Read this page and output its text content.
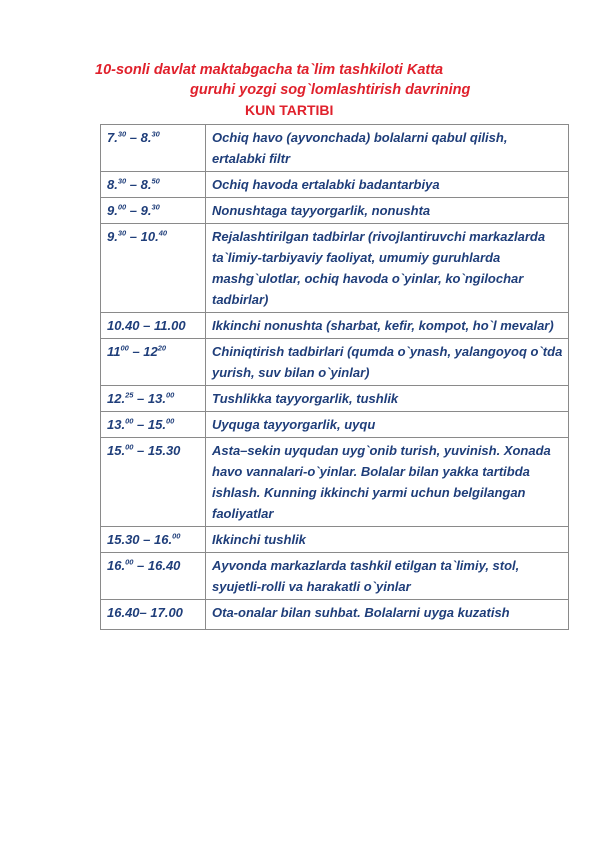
10-sonli davlat maktabgacha ta`lim tashkiloti Katta
guruhi yozgi sog`lomlashtirish davrining
KUN TARTIBI
7.30 – 8.30	Ochiq havo (ayvonchada) bolalarni qabul qilish, ertalabki filtr
8.30 – 8.50	Ochiq havoda ertalabki badantarbiya
9.00 – 9.30	Nonushtaga tayyorgarlik, nonushta
9.30 – 10.40	Rejalashtirilgan tadbirlar (rivojlantiruvchi markazlarda ta`limiy-tarbiyaviy faoliyat, umumiy guruhlarda mashg`ulotlar, ochiq havoda o`yinlar, ko`ngilochar tadbirlar)
10.40 – 11.00	Ikkinchi nonushta (sharbat, kefir, kompot, ho`l mevalar)
$11^{00} - 12^{20}$	Chiniqtirish tadbirlari (qumda o`ynash, yalangoyoq o`tda yurish, suv bilan o`yinlar)
12.25 – 13.00	Tushlikka tayyorgarlik, tushlik
13.00 – 15.00	Uyquga tayyorgarlik, uyqu
15.00 – 15.30	Asta–sekin uyqudan uyg`onib turish, yuvinish. Xonada havo vannalari-o`yinlar. Bolalar bilan yakka tartibda ishlash. Kunning ikkinchi yarmi uchun belgilangan faoliyatlar
15.30 – 16.00	Ikkinchi tushlik
16.00 – 16.40	Ayvonda markazlarda tashkil etilgan ta`limiy, stol, syujetli-rolli va harakatli o`yinlar
16.40– 17.00	Ota-onalar bilan suhbat. Bolalarni uyga kuzatish
